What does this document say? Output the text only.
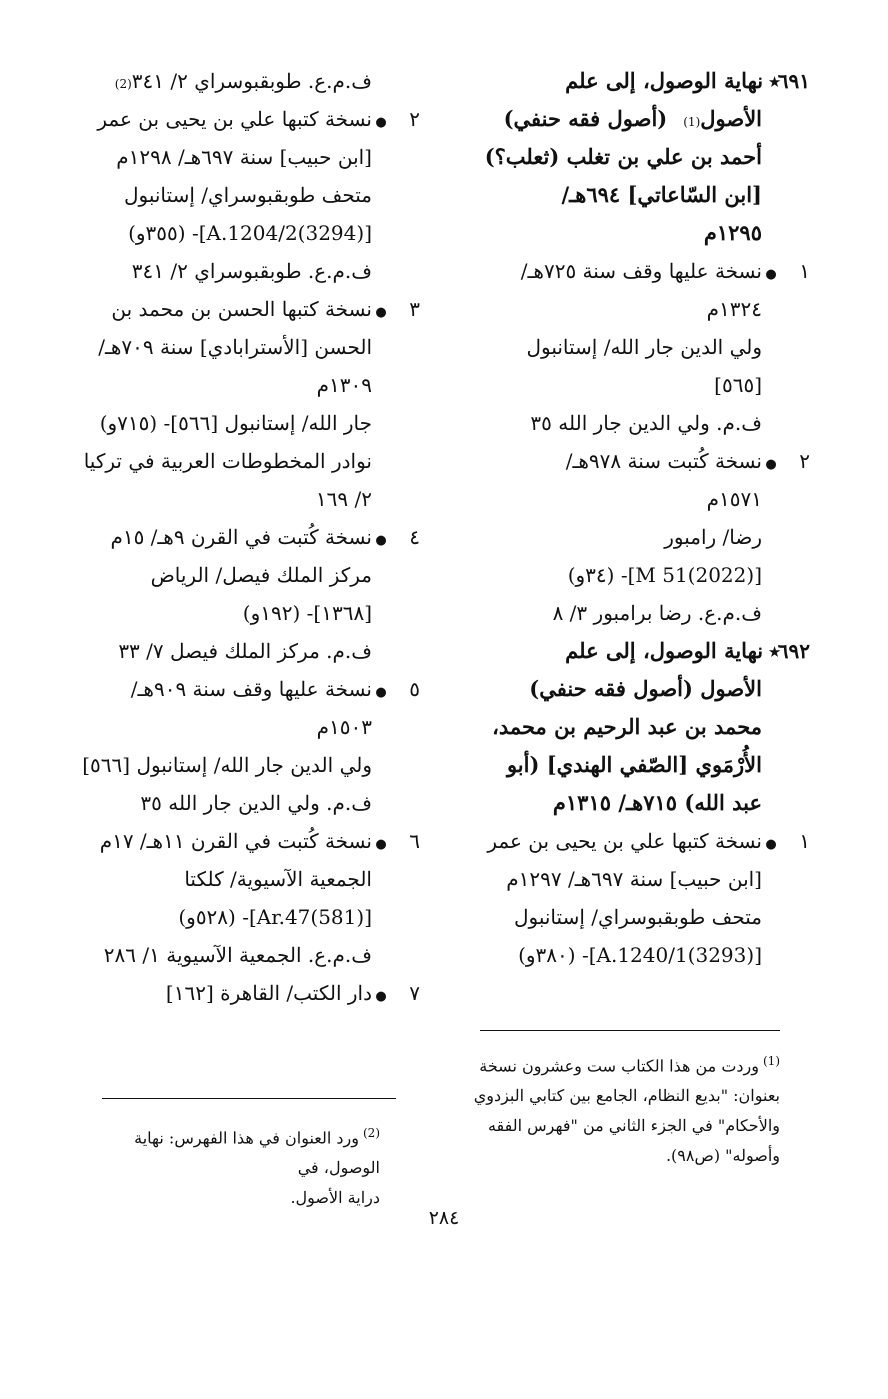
٦٩١
٭
نهاية الوصول، إلى علم
الأصول
(1)
(أصول فقه حنفي)
أحمد بن علي بن تغلب (ثعلب؟)
[ابن السّاعاتي] ٦٩٤هـ/
١٢٩٥م
١
●
نسخة عليها وقف سنة ٧٢٥هـ/
١٣٢٤م
ولي الدين جار الله/ إستانبول
[٥٦٥]
ف.م. ولي الدين جار الله ٣٥
٢
●
نسخة كُتبت سنة ٩٧٨هـ/
١٥٧١م
رضا/ رامبور
[M 51(2022)]- (٣٤و)
ف.م.ع. رضا برامبور ٣/ ٨
٦٩٢
٭
نهاية الوصول، إلى علم
الأصول (أصول فقه حنفي)
محمد بن عبد الرحيم بن محمد،
الأُرْمَوي [الصّفي الهندي] (أبو
عبد الله) ٧١٥هـ/ ١٣١٥م
١
●
نسخة كتبها علي بن يحيى بن عمر
[ابن حبيب] سنة ٦٩٧هـ/ ١٢٩٧م
متحف طوبقبوسراي/ إستانبول
[A.1240/1(3293)]- (٣٨٠و)
ف.م.ع. طوبقبوسراي ٢/ ٣٤١
(2)
٢
●
نسخة كتبها علي بن يحيى بن عمر
[ابن حبيب] سنة ٦٩٧هـ/ ١٢٩٨م
متحف طوبقبوسراي/ إستانبول
[A.1204/2(3294)]- (٣٥٥و)
ف.م.ع. طوبقبوسراي ٢/ ٣٤١
٣
●
نسخة كتبها الحسن بن محمد بن
الحسن [الأسترابادي] سنة ٧٠٩هـ/
١٣٠٩م
جار الله/ إستانبول [٥٦٦]- (٧١٥و)
نوادر المخطوطات العربية في تركيا
٢/ ١٦٩
٤
●
نسخة كُتبت في القرن ٩هـ/ ١٥م
مركز الملك فيصل/ الرياض
[١٣٦٨]- (١٩٢و)
ف.م. مركز الملك فيصل ٧/ ٣٣
٥
●
نسخة عليها وقف سنة ٩٠٩هـ/
١٥٠٣م
ولي الدين جار الله/ إستانبول [٥٦٦]
ف.م. ولي الدين جار الله ٣٥
٦
●
نسخة كُتبت في القرن ١١هـ/ ١٧م
الجمعية الآسيوية/ كلكتا
[Ar.47(581)]- (٥٢٨و)
ف.م.ع. الجمعية الآسيوية ١/ ٢٨٦
٧
●
دار الكتب/ القاهرة [١٦٢]
$^{(1)}$وردت من هذا الكتاب ست وعشرون نسخة
بعنوان: "بديع النظام، الجامع بين كتابي البزدوي
والأحكام" في الجزء الثاني من "فهرس الفقه
وأصوله" (ص٩٨).
$^{(2)}$ورد العنوان في هذا الفهرس: نهاية الوصول، في
دراية الأصول.
٢٨٤
